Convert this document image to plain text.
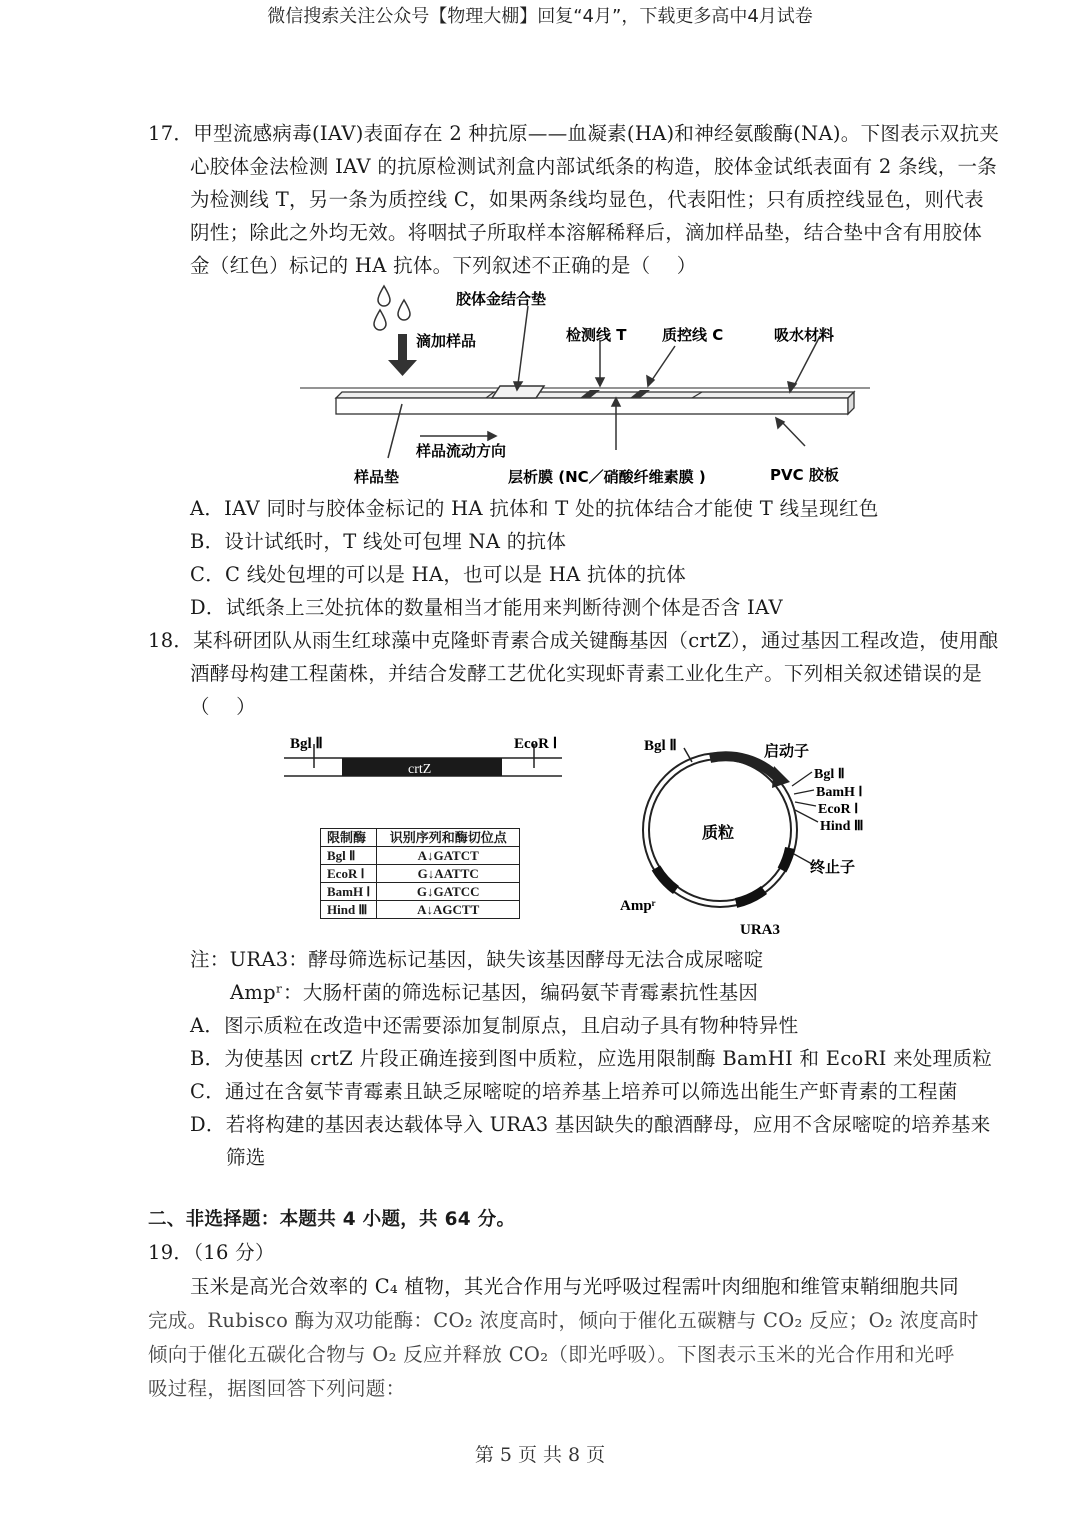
微信搜索关注公众号【物理大棚】回复“4月”，下载更多高中4月试卷
17．甲型流感病毒(IAV)表面存在 2 种抗原——血凝素(HA)和神经氨酸酶(NA)。下图表示双抗夹
心胶体金法检测 IAV 的抗原检测试剂盒内部试纸条的构造，胶体金试纸表面有 2 条线，一条
为检测线 T，另一条为质控线 C，如果两条线均显色，代表阳性；只有质控线显色，则代表
阴性；除此之外均无效。将咽拭子所取样本溶解稀释后，滴加样品垫，结合垫中含有用胶体
金（红色）标记的 HA 抗体。下列叙述不正确的是（　 ）
胶体金结合垫
滴加样品	检测线 T 质控线 C	吸水材料
样品流动方向
样品垫	层析膜 (NC／硝酸纤维素膜 )	PVC 胶板
A．IAV 同时与胶体金标记的 HA 抗体和 T 处的抗体结合才能使 T 线呈现红色
B．设计试纸时，T 线处可包埋 NA 的抗体
C．C 线处包埋的可以是 HA，也可以是 HA 抗体的抗体
D．试纸条上三处抗体的数量相当才能用来判断待测个体是否含 IAV
18．某科研团队从雨生红球藻中克隆虾青素合成关键酶基因（crtZ），通过基因工程改造，使用酿
酒酵母构建工程菌株，并结合发酵工艺优化实现虾青素工业化生产。下列相关叙述错误的是
（　 ）
Bgl Ⅱ	EcoR Ⅰ
crtZ
限制酶	识别序列和酶切位点
Bgl Ⅱ	A↓GATCT
EcoR Ⅰ	G↓AATTC
BamH Ⅰ	G↓GATCC
Hind Ⅲ	A↓AGCTT
Bgl Ⅱ	启动子
Bgl Ⅱ
BamH Ⅰ
EcoR Ⅰ
Hind Ⅲ
质粒
终止子
Ampʳ
URA3
注：URA3：酵母筛选标记基因，缺失该基因酵母无法合成尿嘧啶
Ampʳ：大肠杆菌的筛选标记基因，编码氨苄青霉素抗性基因
A．图示质粒在改造中还需要添加复制原点，且启动子具有物种特异性
B．为使基因 crtZ 片段正确连接到图中质粒，应选用限制酶 BamHI 和 EcoRI 来处理质粒
C．通过在含氨苄青霉素且缺乏尿嘧啶的培养基上培养可以筛选出能生产虾青素的工程菌
D．若将构建的基因表达载体导入 URA3 基因缺失的酿酒酵母，应用不含尿嘧啶的培养基来
筛选
二、非选择题：本题共 4 小题，共 64 分。
19．（16 分）
玉米是高光合效率的 C₄ 植物，其光合作用与光呼吸过程需叶肉细胞和维管束鞘细胞共同
完成。Rubisco 酶为双功能酶：CO₂ 浓度高时，倾向于催化五碳糖与 CO₂ 反应；O₂ 浓度高时
倾向于催化五碳化合物与 O₂ 反应并释放 CO₂（即光呼吸）。下图表示玉米的光合作用和光呼
吸过程，据图回答下列问题：
第 5 页 共 8 页
